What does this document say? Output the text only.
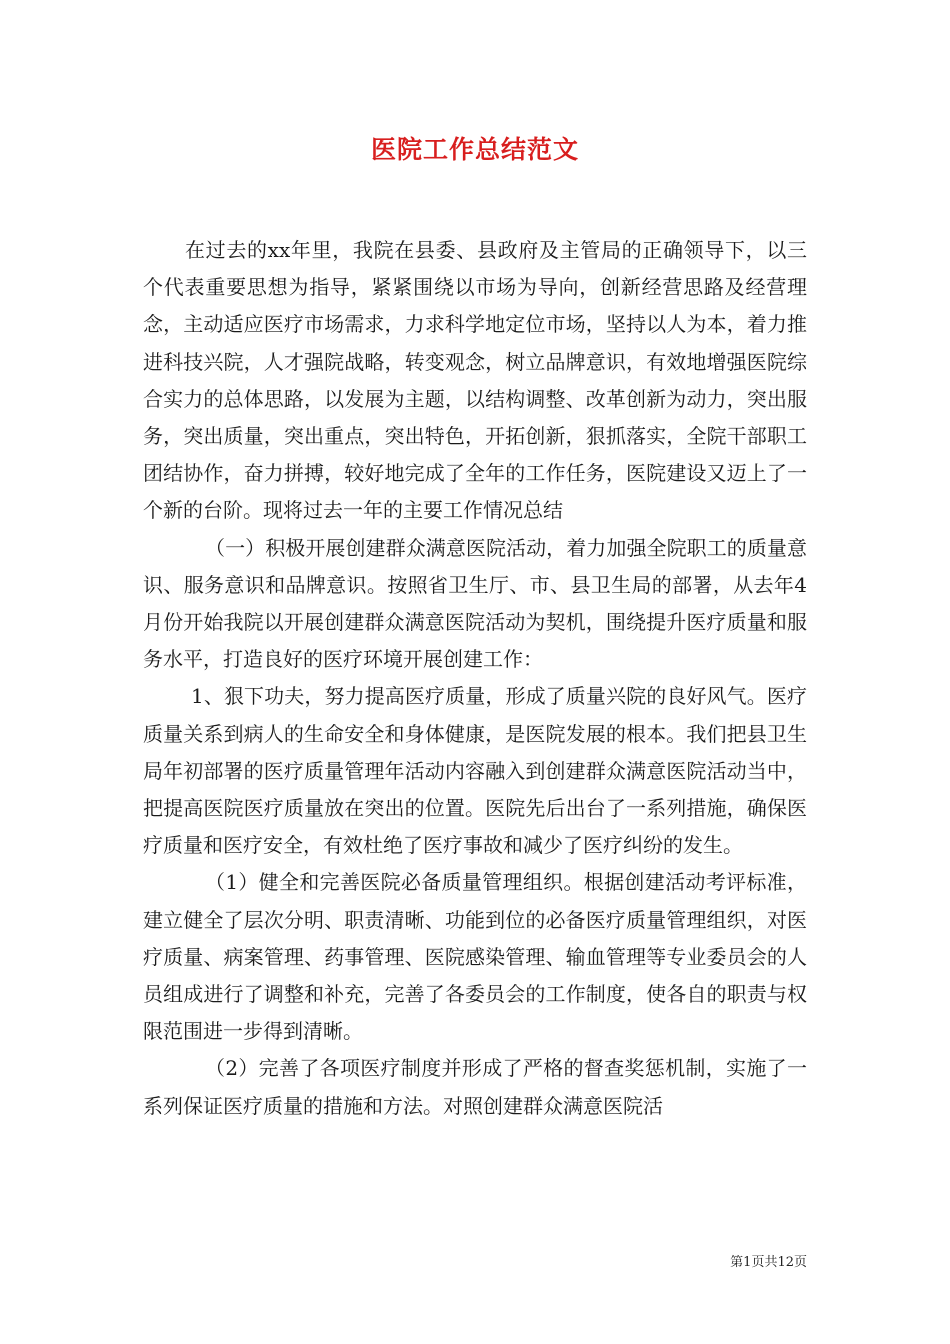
医院工作总结范文

在过去的xx年里，我院在县委、县政府及主管局的正确领导下，以三个代表重要思想为指导，紧紧围绕以市场为导向，创新经营思路及经营理念，主动适应医疗市场需求，力求科学地定位市场，坚持以人为本，着力推进科技兴院，人才强院战略，转变观念，树立品牌意识，有效地增强医院综合实力的总体思路，以发展为主题，以结构调整、改革创新为动力，突出服务，突出质量，突出重点，突出特色，开拓创新，狠抓落实，全院干部职工团结协作，奋力拼搏，较好地完成了全年的工作任务，医院建设又迈上了一个新的台阶。现将过去一年的主要工作情况总结

（一）积极开展创建群众满意医院活动，着力加强全院职工的质量意识、服务意识和品牌意识。按照省卫生厅、市、县卫生局的部署，从去年4月份开始我院以开展创建群众满意医院活动为契机，围绕提升医疗质量和服务水平，打造良好的医疗环境开展创建工作：

1、狠下功夫，努力提高医疗质量，形成了质量兴院的良好风气。医疗质量关系到病人的生命安全和身体健康，是医院发展的根本。我们把县卫生局年初部署的医疗质量管理年活动内容融入到创建群众满意医院活动当中，把提高医院医疗质量放在突出的位置。医院先后出台了一系列措施，确保医疗质量和医疗安全，有效杜绝了医疗事故和减少了医疗纠纷的发生。

（1）健全和完善医院必备质量管理组织。根据创建活动考评标准，建立健全了层次分明、职责清晰、功能到位的必备医疗质量管理组织，对医疗质量、病案管理、药事管理、医院感染管理、输血管理等专业委员会的人员组成进行了调整和补充，完善了各委员会的工作制度，使各自的职责与权限范围进一步得到清晰。

（2）完善了各项医疗制度并形成了严格的督查奖惩机制，实施了一系列保证医疗质量的措施和方法。对照创建群众满意医院活

第1页共12页
